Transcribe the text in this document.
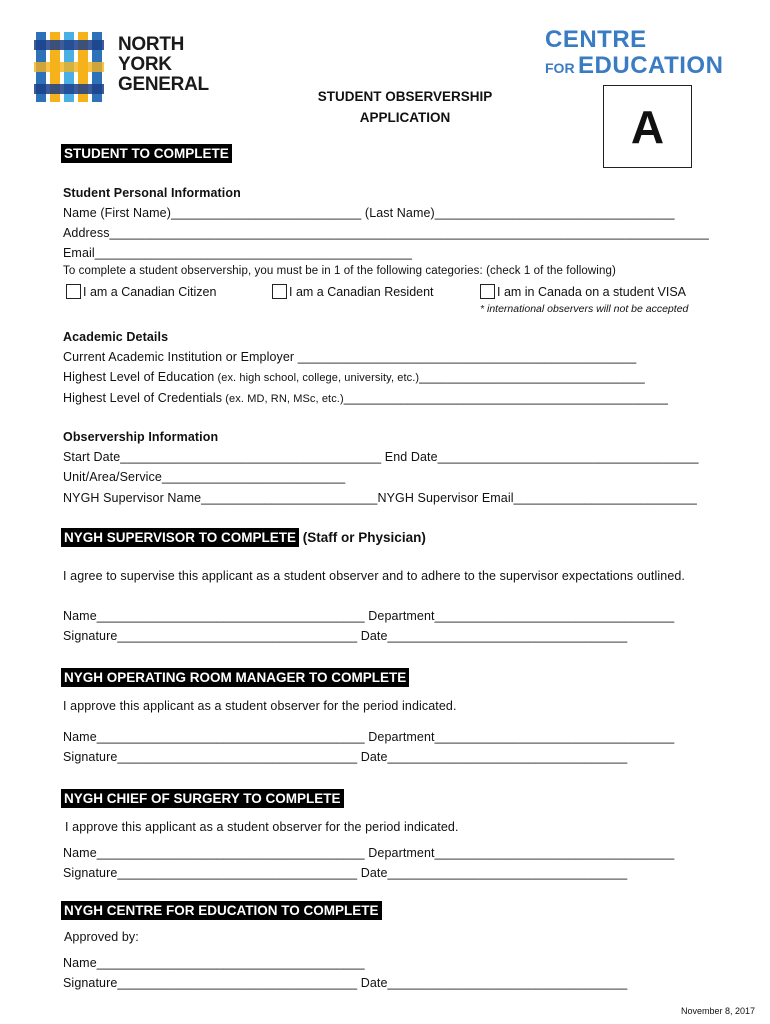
NORTH
YORK
GENERAL
CENTRE
FOR EDUCATION
STUDENT OBSERVERSHIP
APPLICATION	A
STUDENT TO COMPLETE
Student Personal Information
Name (First Name)___________________________ (Last Name)__________________________________
Address_____________________________________________________________________________________
Email_____________________________________________
To complete a student observership, you must be in 1 of the following categories: (check 1 of the following)
I am a Canadian Citizen	I am a Canadian Resident	I am in Canada on a student VISA
* international observers will not be accepted
Academic Details
Current Academic Institution or Employer ________________________________________________
Highest Level of Education (ex. high school, college, university, etc.)________________________________
Highest Level of Credentials (ex. MD, RN, MSc, etc.)______________________________________________
Observership Information
Start Date_____________________________________ End Date_____________________________________
Unit/Area/Service__________________________
NYGH Supervisor Name_________________________NYGH Supervisor Email__________________________
NYGH SUPERVISOR TO COMPLETE (Staff or Physician)
I agree to supervise this applicant as a student observer and to adhere to the supervisor expectations outlined.
Name______________________________________ Department__________________________________
Signature__________________________________ Date__________________________________
NYGH OPERATING ROOM MANAGER TO COMPLETE
I approve this applicant as a student observer for the period indicated.
Name______________________________________ Department__________________________________
Signature__________________________________ Date__________________________________
NYGH CHIEF OF SURGERY TO COMPLETE
I approve this applicant as a student observer for the period indicated.
Name______________________________________ Department__________________________________
Signature__________________________________ Date__________________________________
NYGH CENTRE FOR EDUCATION TO COMPLETE
Approved by:
Name______________________________________
Signature__________________________________ Date__________________________________
November 8, 2017
